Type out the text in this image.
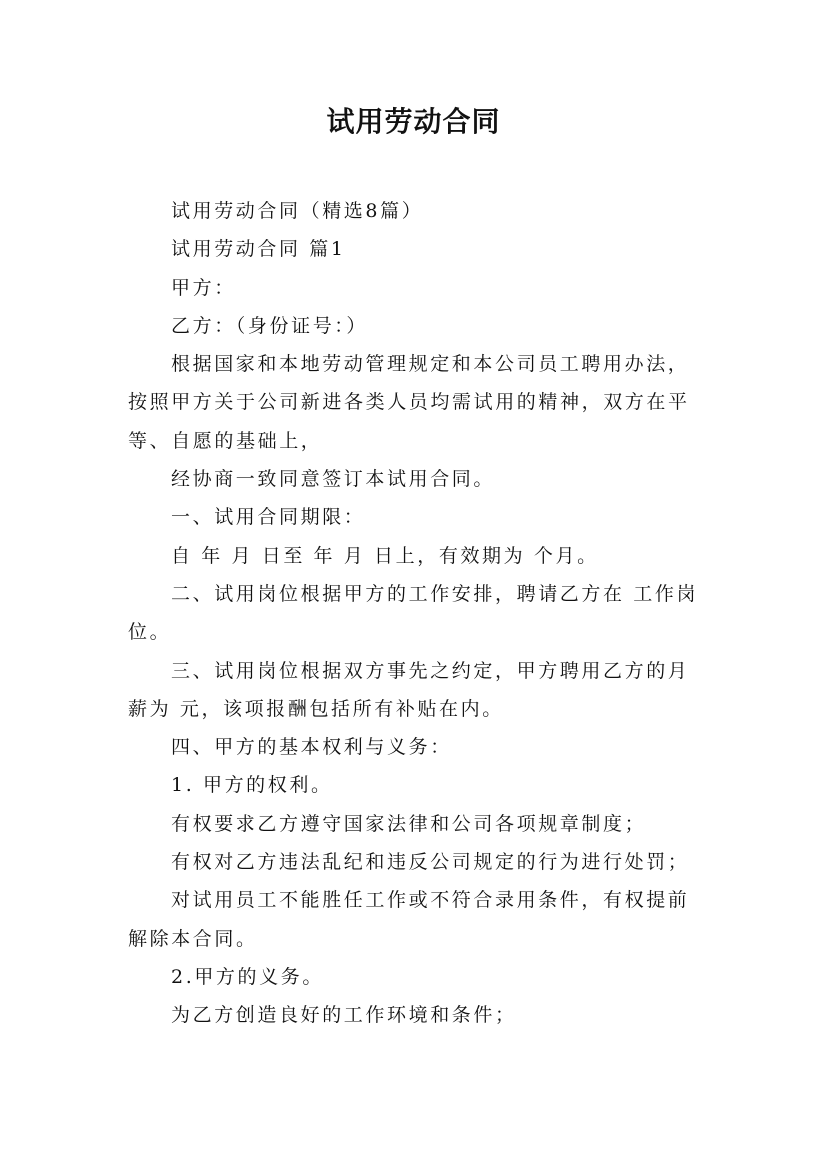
试用劳动合同

试用劳动合同（精选8篇）

试用劳动合同 篇1

甲方：

乙方：（身份证号：）

根据国家和本地劳动管理规定和本公司员工聘用办法，按照甲方关于公司新进各类人员均需试用的精神，双方在平等、自愿的基础上，

经协商一致同意签订本试用合同。

一、试用合同期限：

自 年 月 日至 年 月 日上，有效期为 个月。

二、试用岗位根据甲方的工作安排，聘请乙方在 工作岗位。

三、试用岗位根据双方事先之约定，甲方聘用乙方的月薪为 元，该项报酬包括所有补贴在内。

四、甲方的基本权利与义务：

1. 甲方的权利。

有权要求乙方遵守国家法律和公司各项规章制度；

有权对乙方违法乱纪和违反公司规定的行为进行处罚；

对试用员工不能胜任工作或不符合录用条件，有权提前解除本合同。

2.甲方的义务。

为乙方创造良好的工作环境和条件；
